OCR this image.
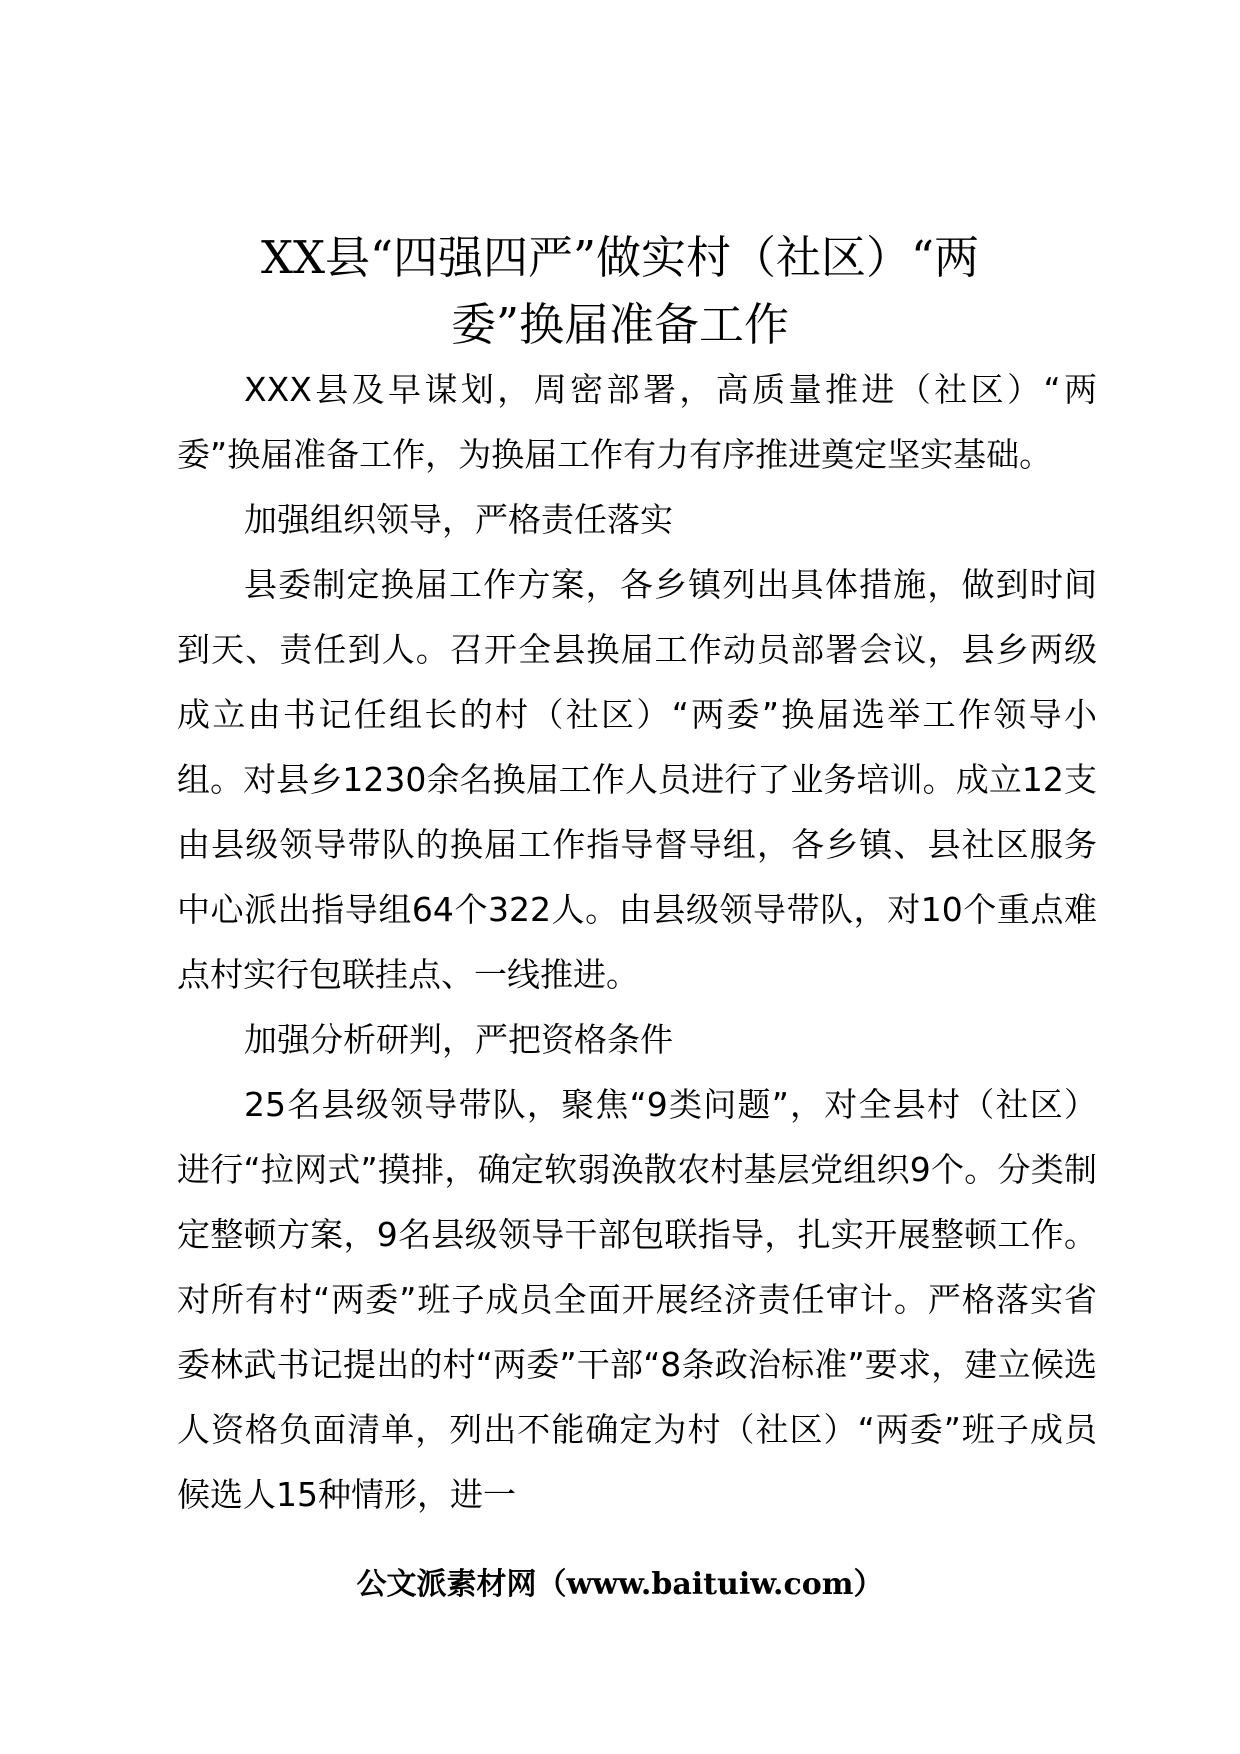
XX县“四强四严”做实村（社区）“两
委”换届准备工作

XXX县及早谋划，周密部署，高质量推进（社区）“两委”换届准备工作，为换届工作有力有序推进奠定坚实基础。

加强组织领导，严格责任落实

县委制定换届工作方案，各乡镇列出具体措施，做到时间到天、责任到人。召开全县换届工作动员部署会议，县乡两级成立由书记任组长的村（社区）“两委”换届选举工作领导小组。对县乡1230余名换届工作人员进行了业务培训。成立12支由县级领导带队的换届工作指导督导组，各乡镇、县社区服务中心派出指导组64个322人。由县级领导带队，对10个重点难点村实行包联挂点、一线推进。

加强分析研判，严把资格条件

25名县级领导带队，聚焦“9类问题”，对全县村（社区）进行“拉网式”摸排，确定软弱涣散农村基层党组织9个。分类制定整顿方案，9名县级领导干部包联指导，扎实开展整顿工作。对所有村“两委”班子成员全面开展经济责任审计。严格落实省委林武书记提出的村“两委”干部“8条政治标准”要求，建立候选人资格负面清单，列出不能确定为村（社区）“两委”班子成员候选人15种情形，进一

公文派素材网（www.baituiw.com）
